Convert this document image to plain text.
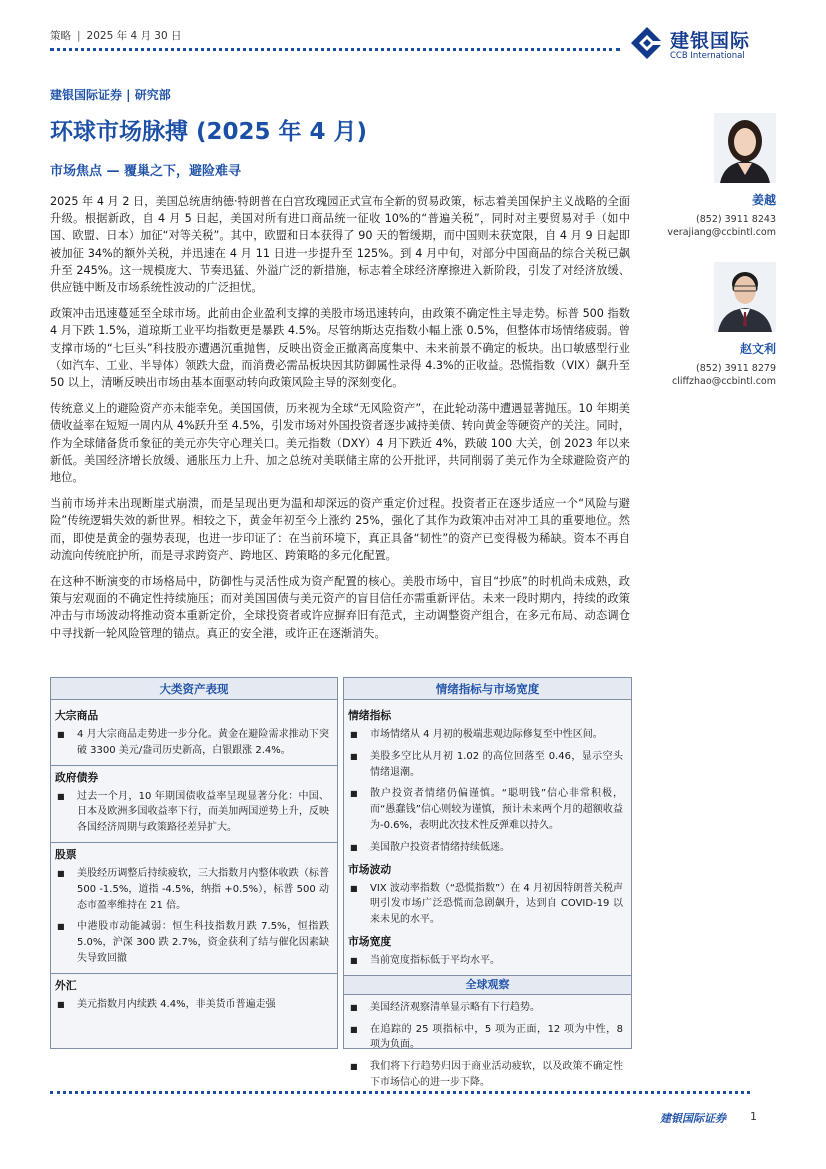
策略 | 2025 年 4 月 30 日	建银国际
CCB International
建银国际证券 | 研究部
环球市场脉搏 (2025 年 4 月)
市场焦点 — 覆巢之下，避险难寻

2025 年 4 月 2 日，美国总统唐纳德·特朗普在白宫玫瑰园正式宣布全新的贸易政策，标志着美国保护主义战略的全面升级。根据新政，自 4 月 5 日起，美国对所有进口商品统一征收 10%的“普遍关税”，同时对主要贸易对手（如中国、欧盟、日本）加征“对等关税”。其中，欧盟和日本获得了 90 天的暂缓期，而中国则未获宽限，自 4 月 9 日起即被加征 34%的额外关税，并迅速在 4 月 11 日进一步提升至 125%。到 4 月中旬，对部分中国商品的综合关税已飙升至 245%。这一规模庞大、节奏迅猛、外溢广泛的新措施，标志着全球经济摩擦进入新阶段，引发了对经济放缓、供应链中断及市场系统性波动的广泛担忧。

政策冲击迅速蔓延至全球市场。此前由企业盈利支撑的美股市场迅速转向，由政策不确定性主导走势。标普 500 指数 4 月下跌 1.5%，道琼斯工业平均指数更是暴跌 4.5%。尽管纳斯达克指数小幅上涨 0.5%，但整体市场情绪疲弱。曾支撑市场的“七巨头”科技股亦遭遇沉重抛售，反映出资金正撤离高度集中、未来前景不确定的板块。出口敏感型行业（如汽车、工业、半导体）领跌大盘，而消费必需品板块因其防御属性录得 4.3%的正收益。恐慌指数（VIX）飙升至 50 以上，清晰反映出市场由基本面驱动转向政策风险主导的深刻变化。

传统意义上的避险资产亦未能幸免。美国国债，历来视为全球“无风险资产”，在此轮动荡中遭遇显著抛压。10 年期美债收益率在短短一周内从 4%跃升至 4.5%，引发市场对外国投资者逐步减持美债、转向黄金等硬资产的关注。同时，作为全球储备货币象征的美元亦失守心理关口。美元指数（DXY）4 月下跌近 4%，跌破 100 大关，创 2023 年以来新低。美国经济增长放缓、通胀压力上升、加之总统对美联储主席的公开批评，共同削弱了美元作为全球避险资产的地位。

当前市场并未出现断崖式崩溃，而是呈现出更为温和却深远的资产重定价过程。投资者正在逐步适应一个“风险与避险”传统逻辑失效的新世界。相较之下，黄金年初至今上涨约 25%，强化了其作为政策冲击对冲工具的重要地位。然而，即使是黄金的强势表现，也进一步印证了：在当前环境下，真正具备“韧性”的资产已变得极为稀缺。资本不再自动流向传统庇护所，而是寻求跨资产、跨地区、跨策略的多元化配置。

在这种不断演变的市场格局中，防御性与灵活性成为资产配置的核心。美股市场中，盲目“抄底”的时机尚未成熟，政策与宏观面的不确定性持续施压；而对美国国债与美元资产的盲目信任亦需重新评估。未来一段时期内，持续的政策冲击与市场波动将推动资本重新定价，全球投资者或许应摒弃旧有范式，主动调整资产组合，在多元布局、动态调仓中寻找新一轮风险管理的锚点。真正的安全港，或许正在逐渐消失。

姜越
(852) 3911 8243
verajiang@ccbintl.com
赵文利
(852) 3911 8279
cliffzhao@ccbintl.com
大类资产表现
大宗商品
■	4 月大宗商品走势进一步分化。黄金在避险需求推动下突破 3300 美元/盎司历史新高，白银跟涨 2.4%。
政府债券
■	过去一个月，10 年期国债收益率呈现显著分化：中国、日本及欧洲多国收益率下行，而美加两国逆势上升，反映各国经济周期与政策路径差异扩大。
股票
■	美股经历调整后持续疲软，三大指数月内整体收跌（标普 500 -1.5%，道指 -4.5%，纳指 +0.5%），标普 500 动态市盈率维持在 21 倍。
■	中港股市动能减弱：恒生科技指数月跌 7.5%，恒指跌 5.0%，沪深 300 跌 2.7%，资金获利了结与催化因素缺失导致回撤
外汇
■	美元指数月内续跌 4.4%，非美货币普遍走强
情绪指标与市场宽度
情绪指标
■	市场情绪从 4 月初的极端悲观边际修复至中性区间。
■	美股多空比从月初 1.02 的高位回落至 0.46，显示空头情绪退潮。
■	散户投资者情绪仍偏谨慎。“聪明钱”信心非常积极，而“愚蠢钱”信心则较为谨慎，预计未来两个月的超额收益为-0.6%，表明此次技术性反弹难以持久。
■	美国散户投资者情绪持续低迷。
市场波动
■	VIX 波动率指数（“恐慌指数”）在 4 月初因特朗普关税声明引发市场广泛恐慌而急剧飙升，达到自 COVID-19 以来未见的水平。
市场宽度
■	当前宽度指标低于平均水平。
全球观察
■	美国经济观察清单显示略有下行趋势。
■	在追踪的 25 项指标中，5 项为正面，12 项为中性，8 项为负面。
■	我们将下行趋势归因于商业活动疲软，以及政策不确定性下市场信心的进一步下降。
建银国际证券 1
